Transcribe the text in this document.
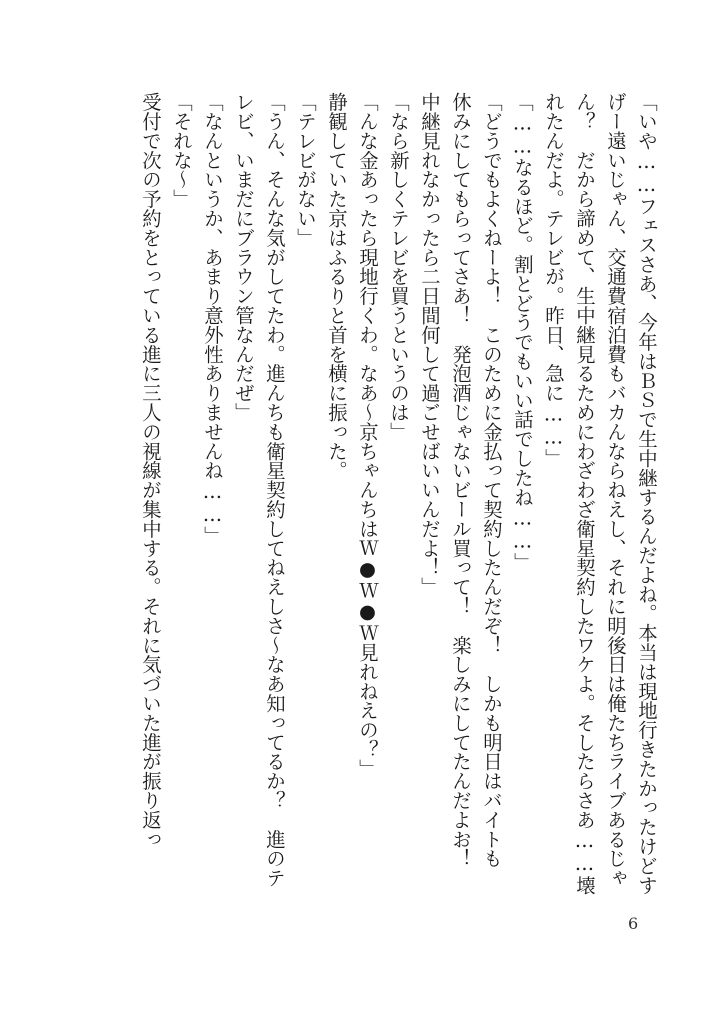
「いや……フェスさあ、今年はＢＳで生中継するんだよね。本当は現地行きたかったけどす
げー遠いじゃん、交通費宿泊費もバカんならねえし、それに明後日は俺たちライブあるじゃ
ん？　だから諦めて、生中継見るためにわざわざ衛星契約したワケよ。そしたらさあ……壊
れたんだよ。テレビが。昨日、急に……」
「……なるほど。割とどうでもいい話でしたね……」
「どうでもよくねーよ！　このために金払って契約したんだぞ！　しかも明日はバイトも
休みにしてもらってさあ！　発泡酒じゃないビール買って！　楽しみにしてたんだよお！
中継見れなかったら二日間何して過ごせばいいんだよ！」
「なら新しくテレビを買うというのは」
「んな金あったら現地行くわ。なあ～京ちゃんちはＷ●Ｗ●Ｗ見れねえの？」
静観していた京はふるりと首を横に振った。
「テレビがない」
「うん、そんな気がしてたわ。進んちも衛星契約してねえしさ～なあ知ってるか？　進のテ
レビ、いまだにブラウン管なんだぜ」
「なんというか、あまり意外性ありませんね……」
「それな～」
受付で次の予約をとっている進に三人の視線が集中する。それに気づいた進が振り返っ
6
